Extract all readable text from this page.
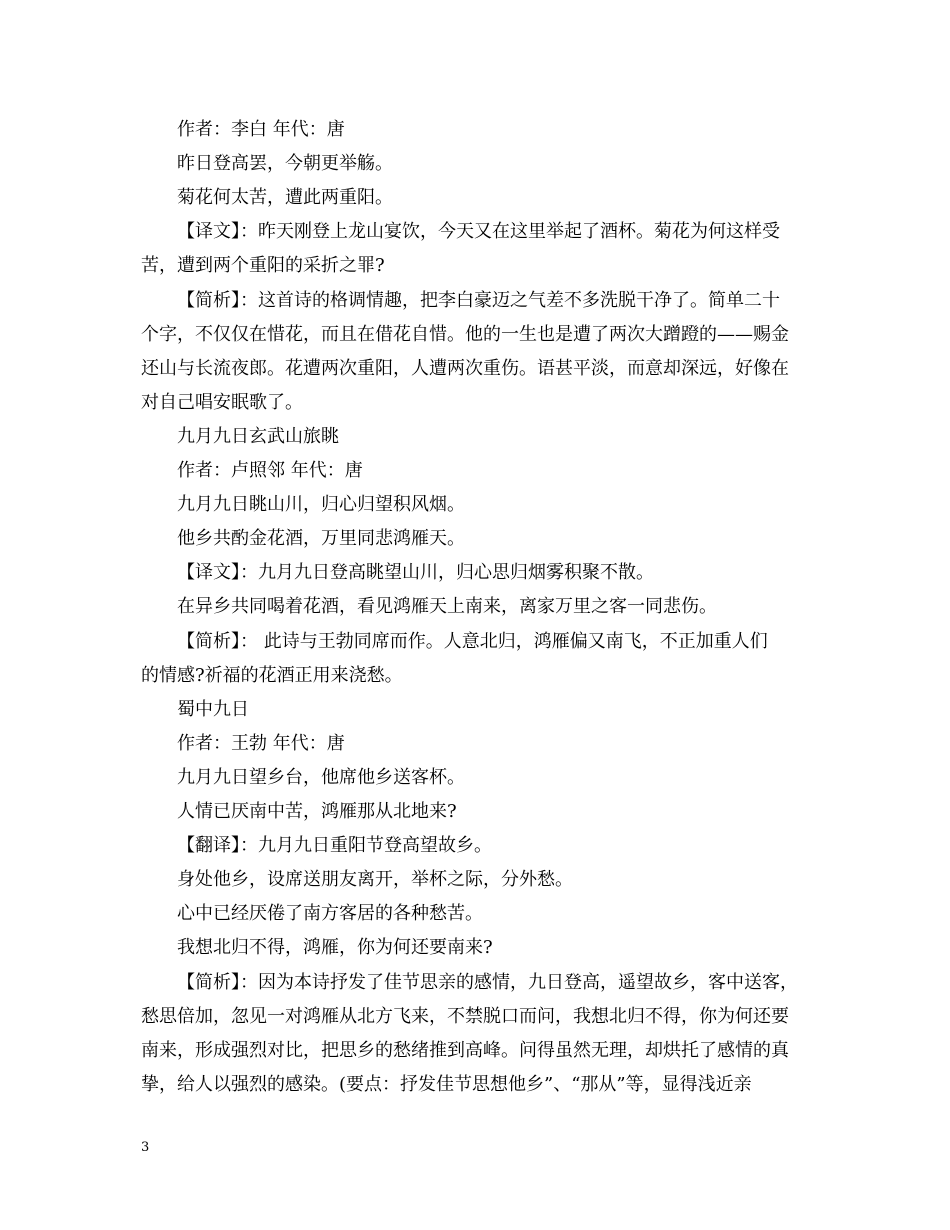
作者：李白 年代：唐
昨日登高罢，今朝更举觞。
菊花何太苦，遭此两重阳。
【译文】：昨天刚登上龙山宴饮，今天又在这里举起了酒杯。菊花为何这样受
苦，遭到两个重阳的采折之罪?
【简析】：这首诗的格调情趣，把李白豪迈之气差不多洗脱干净了。简单二十
个字，不仅仅在惜花，而且在借花自惜。他的一生也是遭了两次大蹭蹬的——赐金
还山与长流夜郎。花遭两次重阳，人遭两次重伤。语甚平淡，而意却深远，好像在
对自己唱安眠歌了。
九月九日玄武山旅眺
作者：卢照邻 年代：唐
九月九日眺山川，归心归望积风烟。
他乡共酌金花酒，万里同悲鸿雁天。
【译文】：九月九日登高眺望山川，归心思归烟雾积聚不散。
在异乡共同喝着花酒，看见鸿雁天上南来，离家万里之客一同悲伤。
【简析】： 此诗与王勃同席而作。人意北归，鸿雁偏又南飞，不正加重人们
的情感?祈福的花酒正用来浇愁。
蜀中九日
作者：王勃 年代：唐
九月九日望乡台，他席他乡送客杯。
人情已厌南中苦，鸿雁那从北地来?
【翻译】：九月九日重阳节登高望故乡。
身处他乡，设席送朋友离开，举杯之际，分外愁。
心中已经厌倦了南方客居的各种愁苦。
我想北归不得，鸿雁，你为何还要南来?
【简析】：因为本诗抒发了佳节思亲的感情，九日登高，遥望故乡，客中送客，
愁思倍加，忽见一对鸿雁从北方飞来，不禁脱口而问，我想北归不得，你为何还要
南来，形成强烈对比，把思乡的愁绪推到高峰。问得虽然无理，却烘托了感情的真
挚，给人以强烈的感染。(要点：抒发佳节思想他乡”、“那从”等，显得浅近亲
3
